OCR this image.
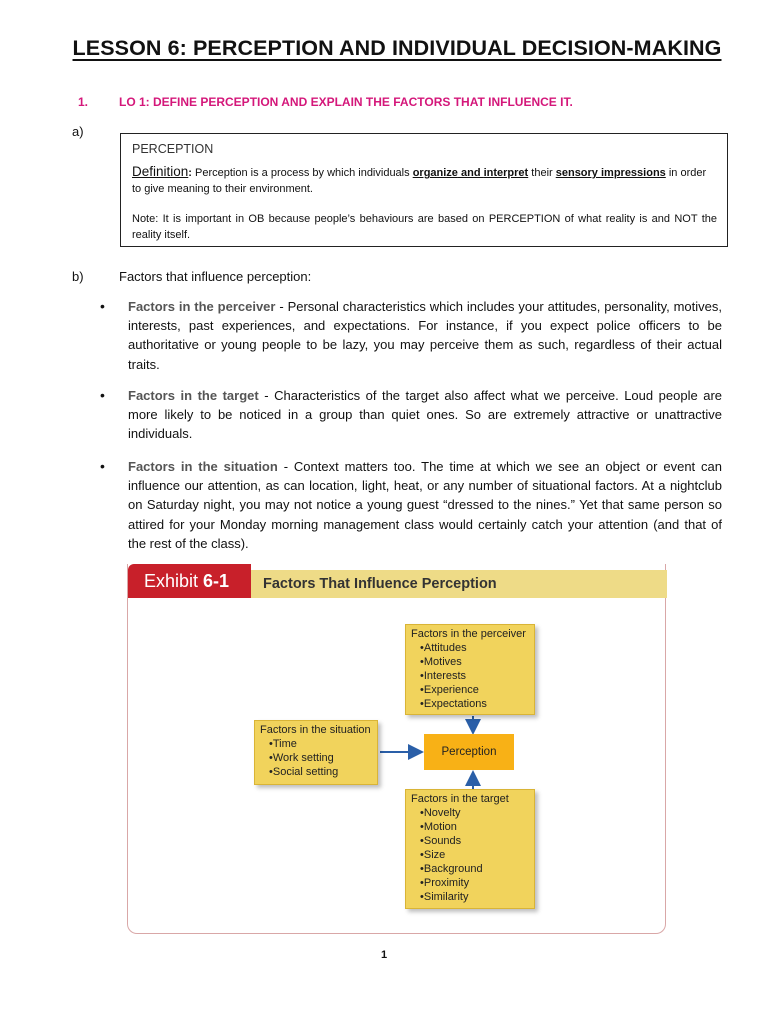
LESSON 6: PERCEPTION AND INDIVIDUAL DECISION-MAKING
1.	LO 1: DEFINE PERCEPTION AND EXPLAIN THE FACTORS THAT INFLUENCE IT.
a)
PERCEPTION
Definition: Perception is a process by which individuals organize and interpret their sensory impressions in order to give meaning to their environment.
Note: It is important in OB because people’s behaviours are based on PERCEPTION of what reality is and NOT the reality itself.
b)	Factors that influence perception:
• Factors in the perceiver - Personal characteristics which includes your attitudes, personality, motives, interests, past experiences, and expectations. For instance, if you expect police officers to be authoritative or young people to be lazy, you may perceive them as such, regardless of their actual traits.
• Factors in the target - Characteristics of the target also affect what we perceive. Loud people are more likely to be noticed in a group than quiet ones. So are extremely attractive or unattractive individuals.
• Factors in the situation - Context matters too. The time at which we see an object or event can influence our attention, as can location, light, heat, or any number of situational factors. At a nightclub on Saturday night, you may not notice a young guest “dressed to the nines.” Yet that same person so attired for your Monday morning management class would certainly catch your attention (and that of the rest of the class).
Exhibit 6-1	Factors That Influence Perception
Factors in the perceiver
• Attitudes
• Motives
• Interests
• Experience
• Expectations
Factors in the situation
• Time
• Work setting
• Social setting
Perception
Factors in the target
• Novelty
• Motion
• Sounds
• Size
• Background
• Proximity
• Similarity
1
